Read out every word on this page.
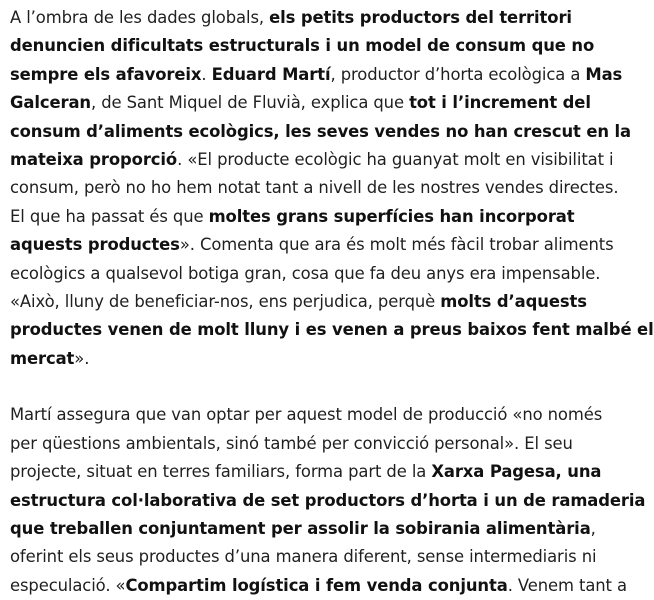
A l’ombra de les dades globals, els petits productors del territori
denuncien dificultats estructurals i un model de consum que no
sempre els afavoreix. Eduard Martí, productor d’horta ecològica a Mas
Galceran, de Sant Miquel de Fluvià, explica que tot i l’increment del
consum d’aliments ecològics, les seves vendes no han crescut en la
mateixa proporció. «El producte ecològic ha guanyat molt en visibilitat i
consum, però no ho hem notat tant a nivell de les nostres vendes directes.
El que ha passat és que moltes grans superfícies han incorporat
aquests productes». Comenta que ara és molt més fàcil trobar aliments
ecològics a qualsevol botiga gran, cosa que fa deu anys era impensable.
«Això, lluny de beneficiar-nos, ens perjudica, perquè molts d’aquests
productes venen de molt lluny i es venen a preus baixos fent malbé el
mercat».

Martí assegura que van optar per aquest model de producció «no només
per qüestions ambientals, sinó també per convicció personal». El seu
projecte, situat en terres familiars, forma part de la Xarxa Pagesa, una
estructura col·laborativa de set productors d’horta i un de ramaderia
que treballen conjuntament per assolir la sobirania alimentària,
oferint els seus productes d’una manera diferent, sense intermediaris ni
especulació. «Compartim logística i fem venda conjunta. Venem tant a
